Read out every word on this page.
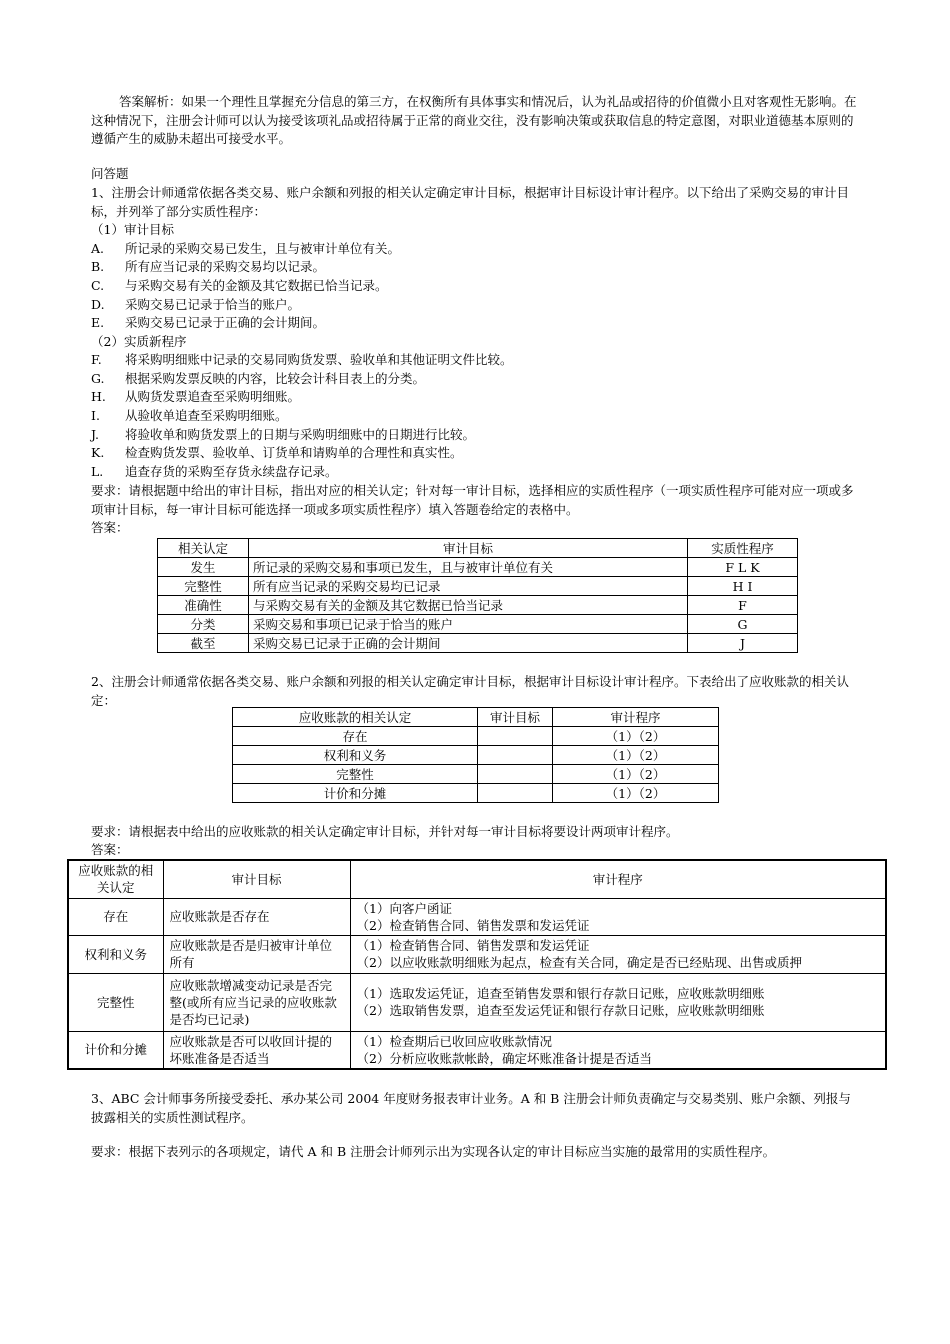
答案解析：如果一个理性且掌握充分信息的第三方，在权衡所有具体事实和情况后，认为礼品或招待的价值微小且对客观性无影响。在这种情况下，注册会计师可以认为接受该项礼品或招待属于正常的商业交往，没有影响决策或获取信息的特定意图，对职业道德基本原则的遵循产生的威胁未超出可接受水平。
问答题
1、注册会计师通常依据各类交易、账户余额和列报的相关认定确定审计目标，根据审计目标设计审计程序。以下给出了采购交易的审计目标，并列举了部分实质性程序：
（1）审计目标
A. 所记录的采购交易已发生，且与被审计单位有关。
B. 所有应当记录的采购交易均以记录。
C. 与采购交易有关的金额及其它数据已恰当记录。
D. 采购交易已记录于恰当的账户。
E. 采购交易已记录于正确的会计期间。
（2）实质新程序
F. 将采购明细账中记录的交易同购货发票、验收单和其他证明文件比较。
G. 根据采购发票反映的内容，比较会计科目表上的分类。
H. 从购货发票追查至采购明细账。
I. 从验收单追查至采购明细账。
J. 将验收单和购货发票上的日期与采购明细账中的日期进行比较。
K. 检查购货发票、验收单、订货单和请购单的合理性和真实性。
L. 追查存货的采购至存货永续盘存记录。
要求：请根据题中给出的审计目标，指出对应的相关认定；针对每一审计目标，选择相应的实质性程序（一项实质性程序可能对应一项或多项审计目标，每一审计目标可能选择一项或多项实质性程序）填入答题卷给定的表格中。
答案：
相关认定	审计目标	实质性程序
发生	所记录的采购交易和事项已发生，且与被审计单位有关	F L K
完整性	所有应当记录的采购交易均已记录	H I
准确性	与采购交易有关的金额及其它数据已恰当记录	F
分类	采购交易和事项已记录于恰当的账户	G
截至	采购交易已记录于正确的会计期间	J
2、注册会计师通常依据各类交易、账户余额和列报的相关认定确定审计目标，根据审计目标设计审计程序。下表给出了应收账款的相关认定：
应收账款的相关认定	审计目标	审计程序
存在		（1）（2）
权利和义务		（1）（2）
完整性		（1）（2）
计价和分摊		（1）（2）
要求：请根据表中给出的应收账款的相关认定确定审计目标，并针对每一审计目标将要设计两项审计程序。
答案：
应收账款的相关认定	审计目标	审计程序
存在	应收账款是否存在	（1）向客户函证
（2）检查销售合同、销售发票和发运凭证

权利和义务	应收账款是否是归被审计单位所有	（1）检查销售合同、销售发票和发运凭证
（2）以应收账款明细账为起点，检查有关合同，确定是否已经贴现、出售或质押

完整性	应收账款增减变动记录是否完整(或所有应当记录的应收账款是否均已记录)	（1）选取发运凭证，追查至销售发票和银行存款日记账，应收账款明细账
（2）选取销售发票，追查至发运凭证和银行存款日记账，应收账款明细账

计价和分摊	应收账款是否可以收回计提的坏账准备是否适当	（1）检查期后已收回应收账款情况
（2）分析应收账款帐龄，确定坏账准备计提是否适当
3、ABC 会计师事务所接受委托、承办某公司 2004 年度财务报表审计业务。A 和 B 注册会计师负责确定与交易类别、账户余额、列报与披露相关的实质性测试程序。
要求：根据下表列示的各项规定，请代 A 和 B 注册会计师列示出为实现各认定的审计目标应当实施的最常用的实质性程序。
